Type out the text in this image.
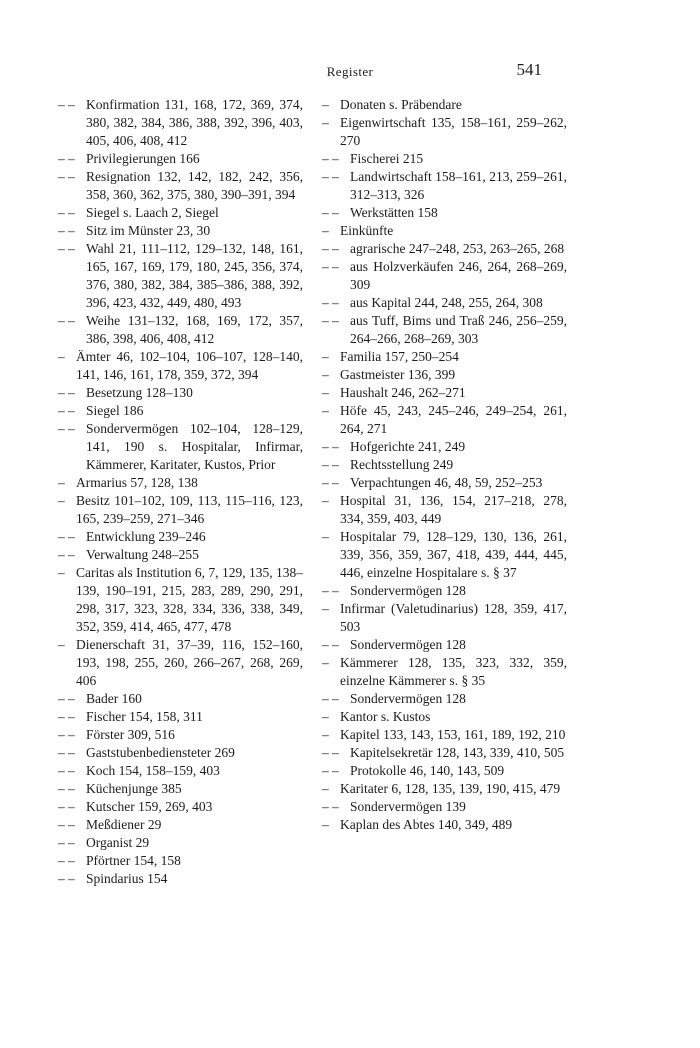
Register	541
– – Konfirmation 131, 168, 172, 369, 374, 380, 382, 384, 386, 388, 392, 396, 403, 405, 406, 408, 412
– – Privilegierungen 166
– – Resignation 132, 142, 182, 242, 356, 358, 360, 362, 375, 380, 390–391, 394
– – Siegel s. Laach 2, Siegel
– – Sitz im Münster 23, 30
– – Wahl 21, 111–112, 129–132, 148, 161, 165, 167, 169, 179, 180, 245, 356, 374, 376, 380, 382, 384, 385–386, 388, 392, 396, 423, 432, 449, 480, 493
– – Weihe 131–132, 168, 169, 172, 357, 386, 398, 406, 408, 412
– Ämter 46, 102–104, 106–107, 128–140, 141, 146, 161, 178, 359, 372, 394
– – Besetzung 128–130
– – Siegel 186
– – Sondervermögen 102–104, 128–129, 141, 190 s. Hospitalar, Infirmar, Kämmerer, Karitater, Kustos, Prior
– Armarius 57, 128, 138
– Besitz 101–102, 109, 113, 115–116, 123, 165, 239–259, 271–346
– – Entwicklung 239–246
– – Verwaltung 248–255
– Caritas als Institution 6, 7, 129, 135, 138–139, 190–191, 215, 283, 289, 290, 291, 298, 317, 323, 328, 334, 336, 338, 349, 352, 359, 414, 465, 477, 478
– Dienerschaft 31, 37–39, 116, 152–160, 193, 198, 255, 260, 266–267, 268, 269, 406
– – Bader 160
– – Fischer 154, 158, 311
– – Förster 309, 516
– – Gaststubenbediensteter 269
– – Koch 154, 158–159, 403
– – Küchenjunge 385
– – Kutscher 159, 269, 403
– – Meßdiener 29
– – Organist 29
– – Pförtner 154, 158
– – Spindarius 154
– Donaten s. Präbendare
– Eigenwirtschaft 135, 158–161, 259–262, 270
– – Fischerei 215
– – Landwirtschaft 158–161, 213, 259–261, 312–313, 326
– – Werkstätten 158
– Einkünfte
– – agrarische 247–248, 253, 263–265, 268
– – aus Holzverkäufen 246, 264, 268–269, 309
– – aus Kapital 244, 248, 255, 264, 308
– – aus Tuff, Bims und Traß 246, 256–259, 264–266, 268–269, 303
– Familia 157, 250–254
– Gastmeister 136, 399
– Haushalt 246, 262–271
– Höfe 45, 243, 245–246, 249–254, 261, 264, 271
– – Hofgerichte 241, 249
– – Rechtsstellung 249
– – Verpachtungen 46, 48, 59, 252–253
– Hospital 31, 136, 154, 217–218, 278, 334, 359, 403, 449
– Hospitalar 79, 128–129, 130, 136, 261, 339, 356, 359, 367, 418, 439, 444, 445, 446, einzelne Hospitalare s. § 37
– – Sondervermögen 128
– Infirmar (Valetudinarius) 128, 359, 417, 503
– – Sondervermögen 128
– Kämmerer 128, 135, 323, 332, 359, einzelne Kämmerer s. § 35
– – Sondervermögen 128
– Kantor s. Kustos
– Kapitel 133, 143, 153, 161, 189, 192, 210
– – Kapitelsekretär 128, 143, 339, 410, 505
– – Protokolle 46, 140, 143, 509
– Karitater 6, 128, 135, 139, 190, 415, 479
– – Sondervermögen 139
– Kaplan des Abtes 140, 349, 489
